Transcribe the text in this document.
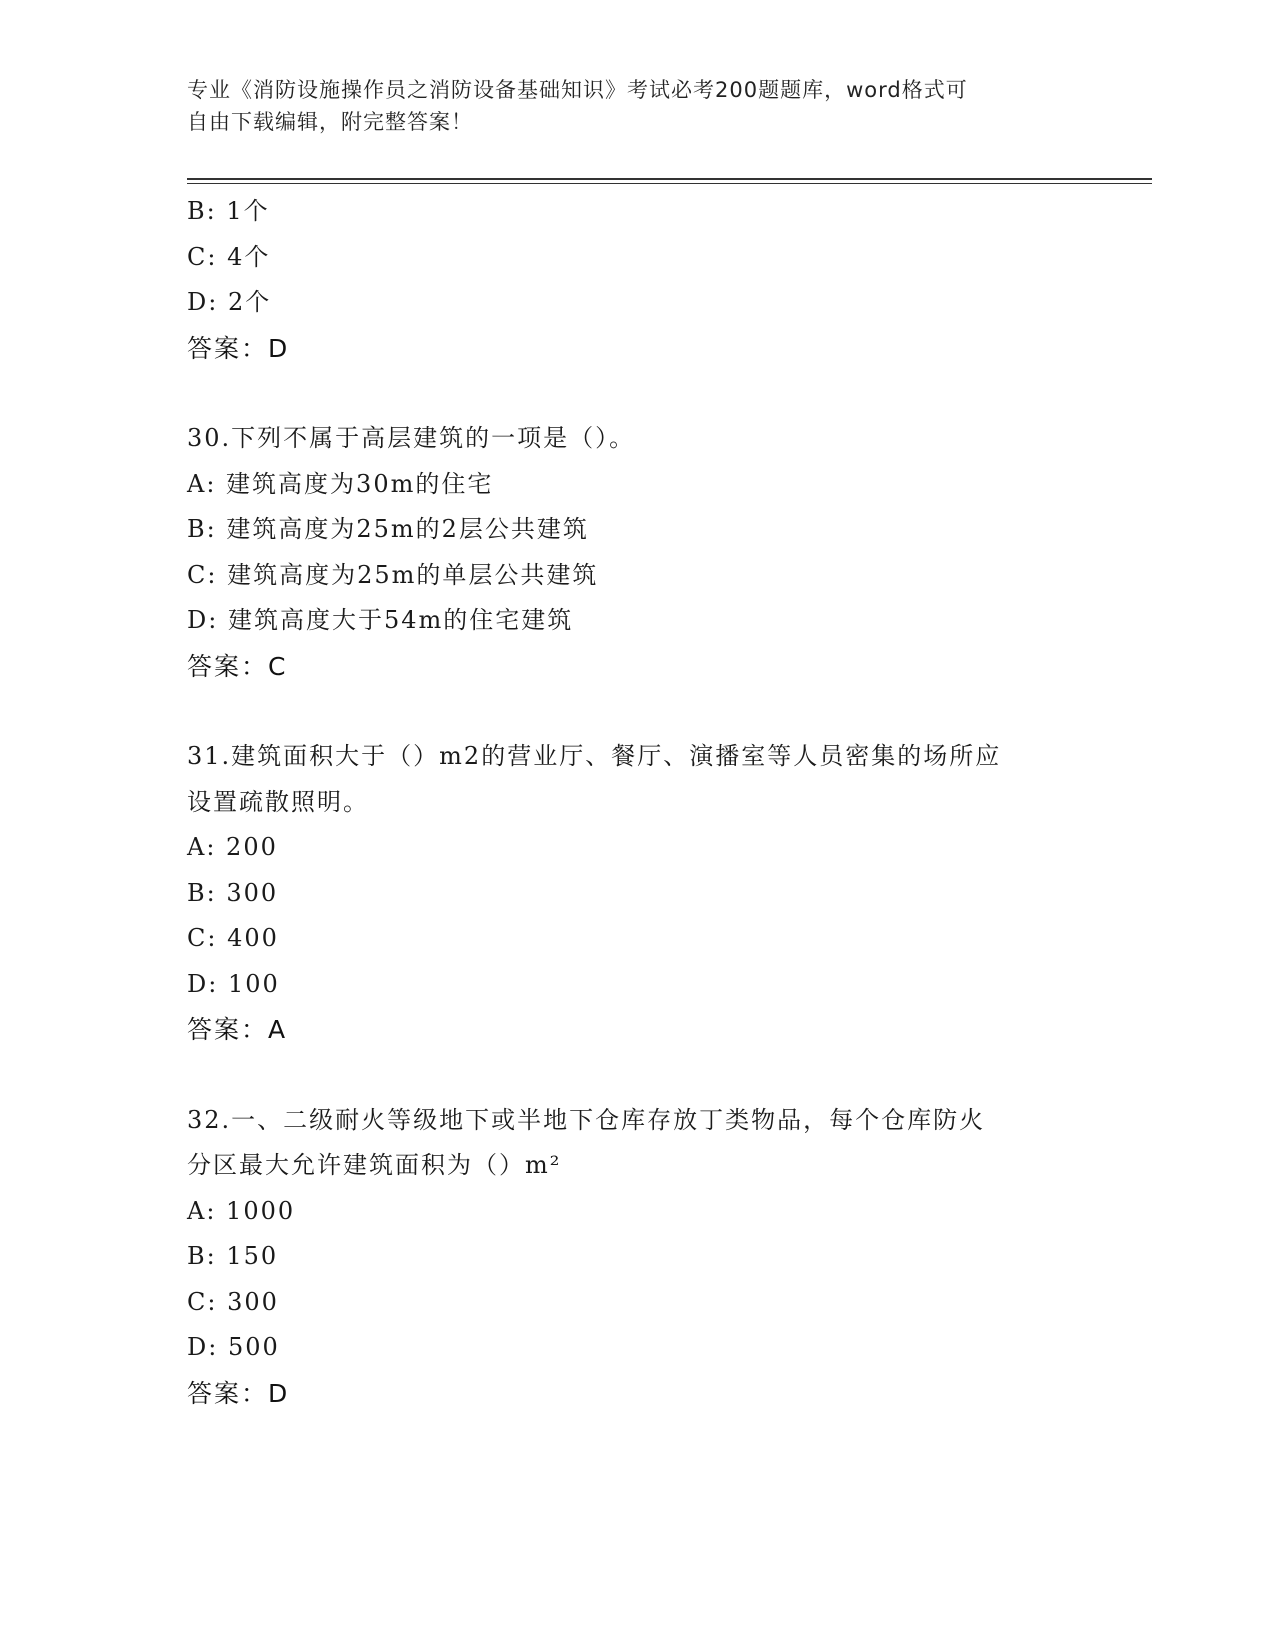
专业《消防设施操作员之消防设备基础知识》考试必考200题题库，word格式可
自由下载编辑，附完整答案！
B: 1个
C: 4个
D: 2个
答案：D
30.下列不属于高层建筑的一项是（）。
A: 建筑高度为30m的住宅
B: 建筑高度为25m的2层公共建筑
C: 建筑高度为25m的单层公共建筑
D: 建筑高度大于54m的住宅建筑
答案：C
31.建筑面积大于（）m2的营业厅、餐厅、演播室等人员密集的场所应
设置疏散照明。
A: 200
B: 300
C: 400
D: 100
答案：A
32.一、二级耐火等级地下或半地下仓库存放丁类物品，每个仓库防火
分区最大允许建筑面积为（）m²
A: 1000
B: 150
C: 300
D: 500
答案：D
